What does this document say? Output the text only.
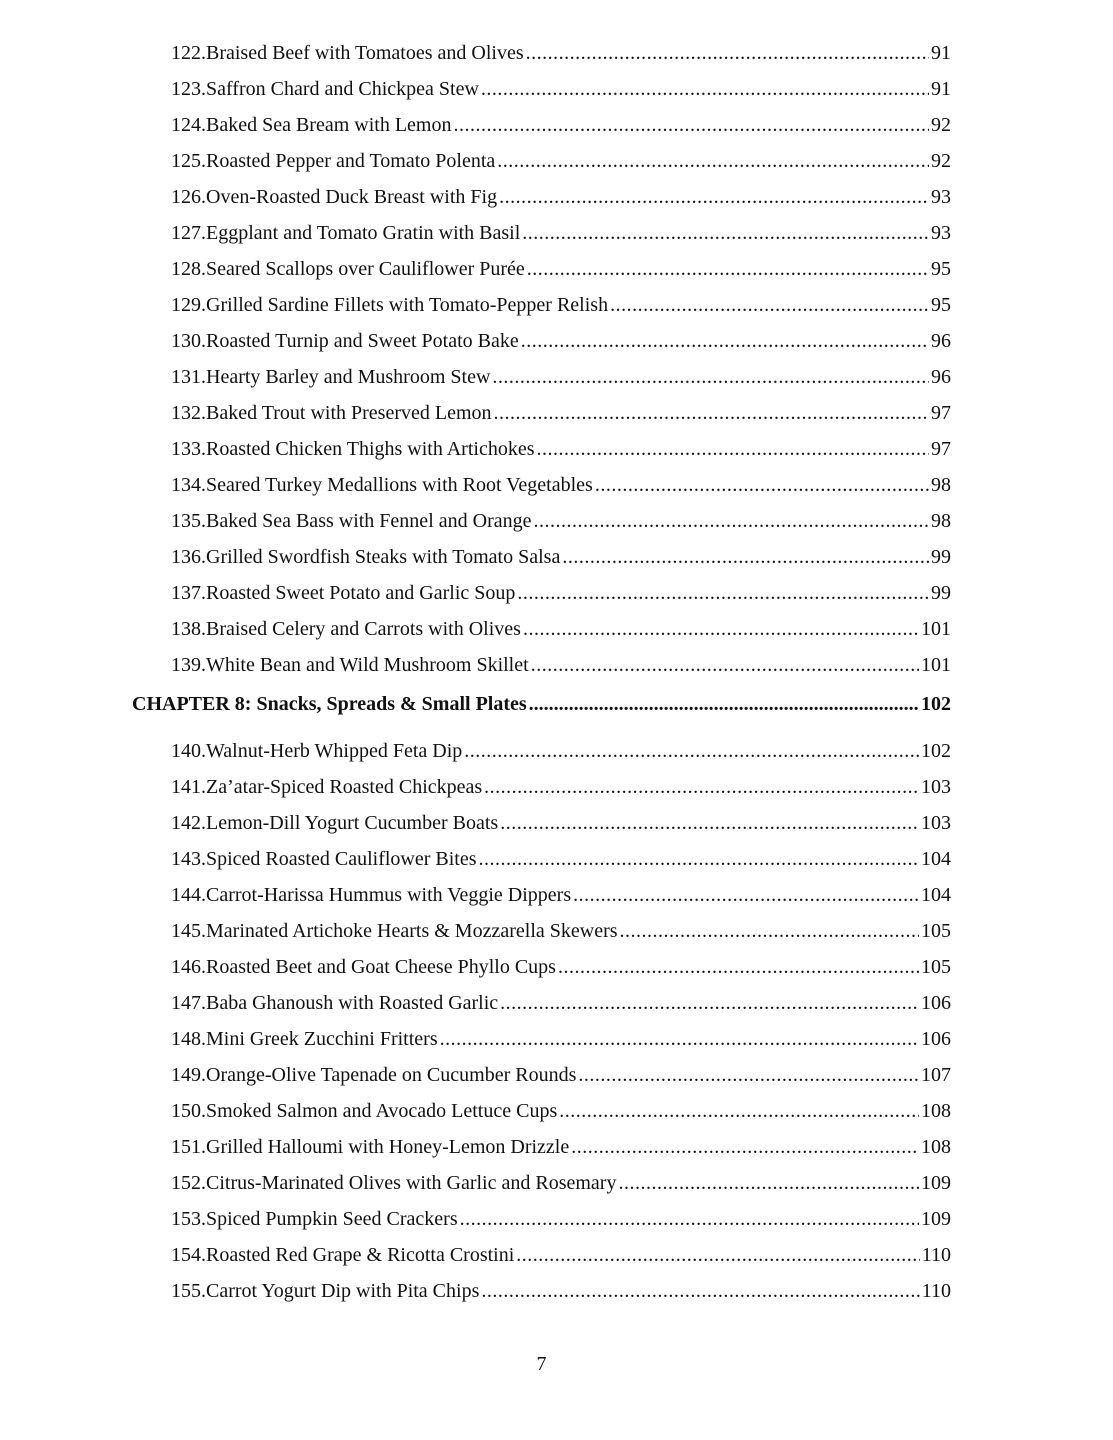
122. Braised Beef with Tomatoes and Olives .....	91
123. Saffron Chard and Chickpea Stew .....	91
124. Baked Sea Bream with Lemon .....	92
125. Roasted Pepper and Tomato Polenta .....	92
126. Oven-Roasted Duck Breast with Fig .....	93
127. Eggplant and Tomato Gratin with Basil .....	93
128. Seared Scallops over Cauliflower Purée .....	95
129. Grilled Sardine Fillets with Tomato-Pepper Relish .....	95
130. Roasted Turnip and Sweet Potato Bake .....	96
131. Hearty Barley and Mushroom Stew .....	96
132. Baked Trout with Preserved Lemon .....	97
133. Roasted Chicken Thighs with Artichokes .....	97
134. Seared Turkey Medallions with Root Vegetables .....	98
135. Baked Sea Bass with Fennel and Orange .....	98
136. Grilled Swordfish Steaks with Tomato Salsa .....	99
137. Roasted Sweet Potato and Garlic Soup .....	99
138. Braised Celery and Carrots with Olives .....	101
139. White Bean and Wild Mushroom Skillet .....	101
CHAPTER 8: Snacks, Spreads & Small Plates .....	102
140. Walnut-Herb Whipped Feta Dip .....	102
141. Za’atar-Spiced Roasted Chickpeas .....	103
142. Lemon-Dill Yogurt Cucumber Boats .....	103
143. Spiced Roasted Cauliflower Bites .....	104
144. Carrot-Harissa Hummus with Veggie Dippers .....	104
145. Marinated Artichoke Hearts & Mozzarella Skewers .....	105
146. Roasted Beet and Goat Cheese Phyllo Cups .....	105
147. Baba Ghanoush with Roasted Garlic .....	106
148. Mini Greek Zucchini Fritters .....	106
149. Orange-Olive Tapenade on Cucumber Rounds .....	107
150. Smoked Salmon and Avocado Lettuce Cups .....	108
151. Grilled Halloumi with Honey-Lemon Drizzle .....	108
152. Citrus-Marinated Olives with Garlic and Rosemary .....	109
153. Spiced Pumpkin Seed Crackers .....	109
154. Roasted Red Grape & Ricotta Crostini .....	110
155. Carrot Yogurt Dip with Pita Chips .....	110
7
